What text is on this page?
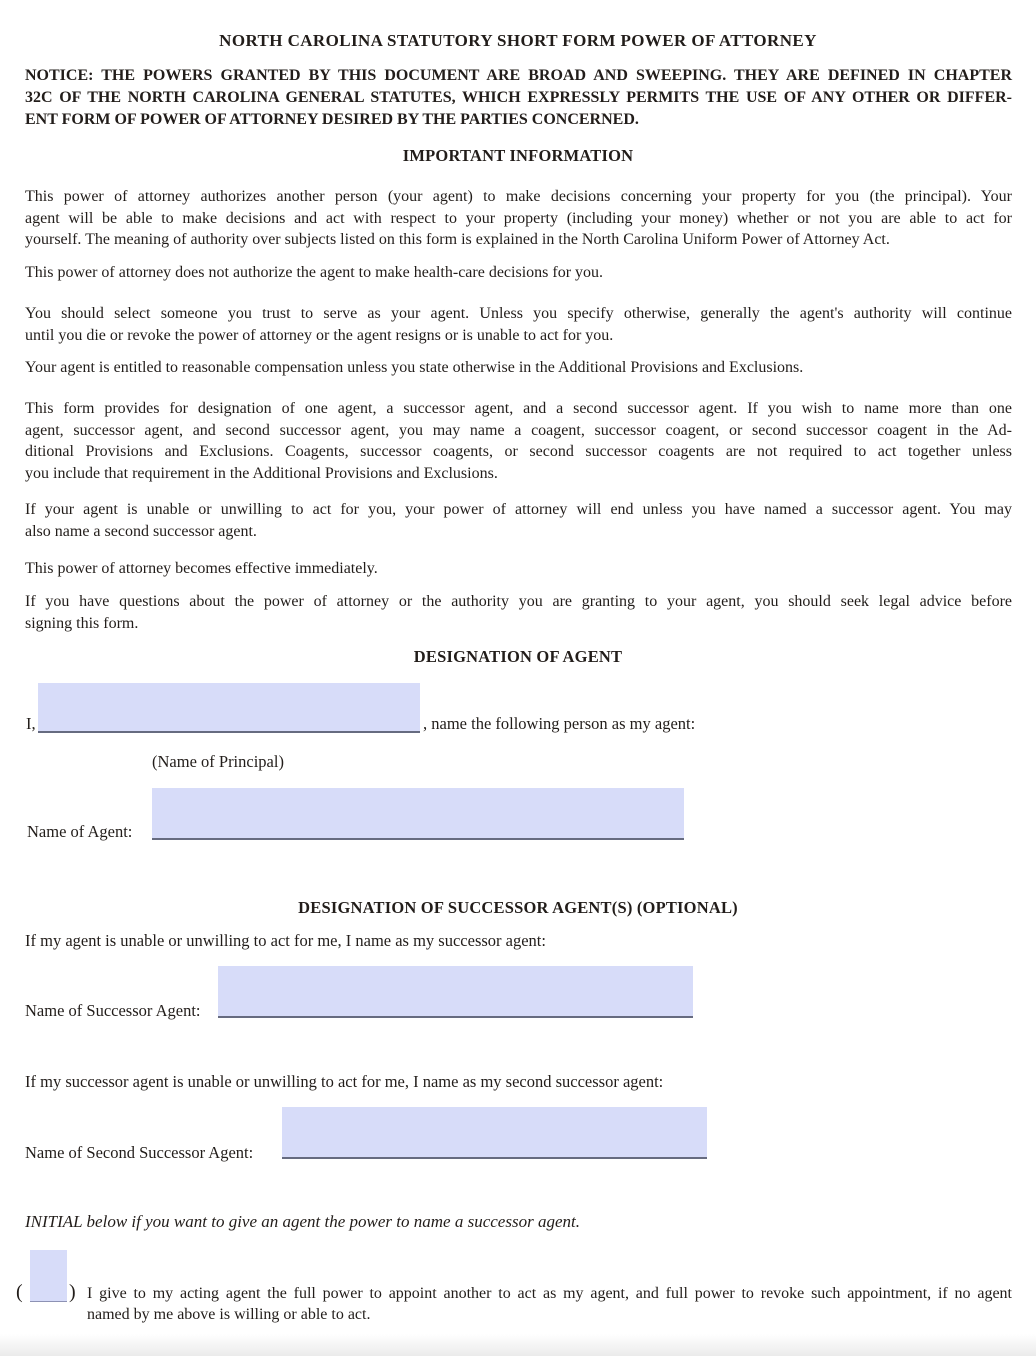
NORTH CAROLINA STATUTORY SHORT FORM POWER OF ATTORNEY
NOTICE: THE POWERS GRANTED BY THIS DOCUMENT ARE BROAD AND SWEEPING. THEY ARE DEFINED IN CHAPTER
32C OF THE NORTH CAROLINA GENERAL STATUTES, WHICH EXPRESSLY PERMITS THE USE OF ANY OTHER OR DIFFER-
ENT FORM OF POWER OF ATTORNEY DESIRED BY THE PARTIES CONCERNED.
IMPORTANT INFORMATION
This power of attorney authorizes another person (your agent) to make decisions concerning your property for you (the principal). Your
agent will be able to make decisions and act with respect to your property (including your money) whether or not you are able to act for
yourself. The meaning of authority over subjects listed on this form is explained in the North Carolina Uniform Power of Attorney Act.
This power of attorney does not authorize the agent to make health-care decisions for you.
You should select someone you trust to serve as your agent. Unless you specify otherwise, generally the agent's authority will continue
until you die or revoke the power of attorney or the agent resigns or is unable to act for you.
Your agent is entitled to reasonable compensation unless you state otherwise in the Additional Provisions and Exclusions.
This form provides for designation of one agent, a successor agent, and a second successor agent. If you wish to name more than one
agent, successor agent, and second successor agent, you may name a coagent, successor coagent, or second successor coagent in the Ad-
ditional Provisions and Exclusions. Coagents, successor coagents, or second successor coagents are not required to act together unless
you include that requirement in the Additional Provisions and Exclusions.
If your agent is unable or unwilling to act for you, your power of attorney will end unless you have named a successor agent. You may
also name a second successor agent.
This power of attorney becomes effective immediately.
If you have questions about the power of attorney or the authority you are granting to your agent, you should seek legal advice before
signing this form.
DESIGNATION OF AGENT
I,	, name the following person as my agent:
(Name of Principal)
Name of Agent:
DESIGNATION OF SUCCESSOR AGENT(S) (OPTIONAL)
If my agent is unable or unwilling to act for me, I name as my successor agent:
Name of Successor Agent:
If my successor agent is unable or unwilling to act for me, I name as my second successor agent:
Name of Second Successor Agent:
INITIAL below if you want to give an agent the power to name a successor agent.
( ) I give to my acting agent the full power to appoint another to act as my agent, and full power to revoke such appointment, if no agent
named by me above is willing or able to act.
